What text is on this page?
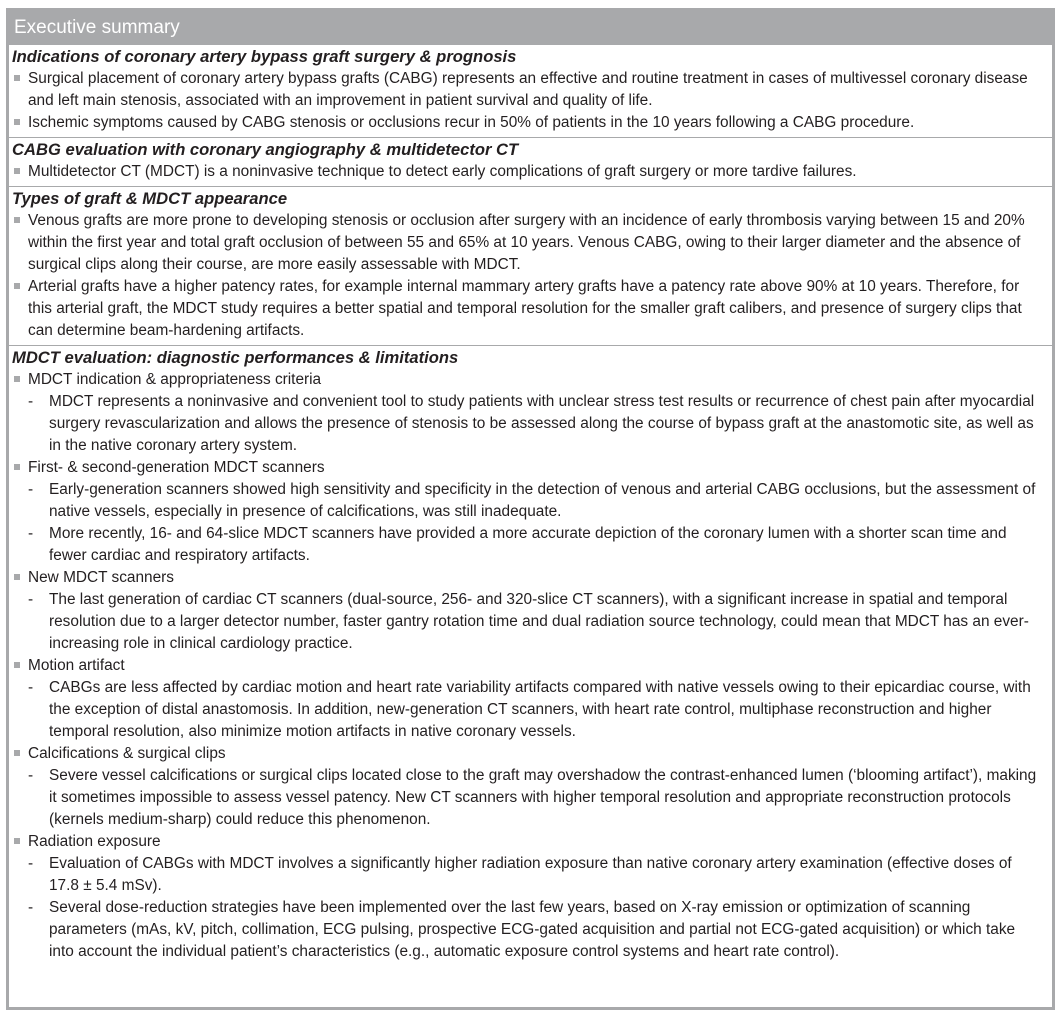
Executive summary
Indications of coronary artery bypass graft surgery & prognosis
Surgical placement of coronary artery bypass grafts (CABG) represents an effective and routine treatment in cases of multivessel coronary disease and left main stenosis, associated with an improvement in patient survival and quality of life.
Ischemic symptoms caused by CABG stenosis or occlusions recur in 50% of patients in the 10 years following a CABG procedure.
CABG evaluation with coronary angiography & multidetector CT
Multidetector CT (MDCT) is a noninvasive technique to detect early complications of graft surgery or more tardive failures.
Types of graft & MDCT appearance
Venous grafts are more prone to developing stenosis or occlusion after surgery with an incidence of early thrombosis varying between 15 and 20% within the first year and total graft occlusion of between 55 and 65% at 10 years. Venous CABG, owing to their larger diameter and the absence of surgical clips along their course, are more easily assessable with MDCT.
Arterial grafts have a higher patency rates, for example internal mammary artery grafts have a patency rate above 90% at 10 years. Therefore, for this arterial graft, the MDCT study requires a better spatial and temporal resolution for the smaller graft calibers, and presence of surgery clips that can determine beam-hardening artifacts.
MDCT evaluation: diagnostic performances & limitations
MDCT indication & appropriateness criteria
-	MDCT represents a noninvasive and convenient tool to study patients with unclear stress test results or recurrence of chest pain after myocardial surgery revascularization and allows the presence of stenosis to be assessed along the course of bypass graft at the anastomotic site, as well as in the native coronary artery system.
First- & second-generation MDCT scanners
-	Early-generation scanners showed high sensitivity and specificity in the detection of venous and arterial CABG occlusions, but the assessment of native vessels, especially in presence of calcifications, was still inadequate.
-	More recently, 16- and 64-slice MDCT scanners have provided a more accurate depiction of the coronary lumen with a shorter scan time and fewer cardiac and respiratory artifacts.
New MDCT scanners
-	The last generation of cardiac CT scanners (dual-source, 256- and 320-slice CT scanners), with a significant increase in spatial and temporal resolution due to a larger detector number, faster gantry rotation time and dual radiation source technology, could mean that MDCT has an ever-increasing role in clinical cardiology practice.
Motion artifact
-	CABGs are less affected by cardiac motion and heart rate variability artifacts compared with native vessels owing to their epicardiac course, with the exception of distal anastomosis. In addition, new-generation CT scanners, with heart rate control, multiphase reconstruction and higher temporal resolution, also minimize motion artifacts in native coronary vessels.
Calcifications & surgical clips
-	Severe vessel calcifications or surgical clips located close to the graft may overshadow the contrast-enhanced lumen (‘blooming artifact’), making it sometimes impossible to assess vessel patency. New CT scanners with higher temporal resolution and appropriate reconstruction protocols (kernels medium-sharp) could reduce this phenomenon.
Radiation exposure
-	Evaluation of CABGs with MDCT involves a significantly higher radiation exposure than native coronary artery examination (effective doses of 17.8 ± 5.4 mSv).
-	Several dose-reduction strategies have been implemented over the last few years, based on X-ray emission or optimization of scanning parameters (mAs, kV, pitch, collimation, ECG pulsing, prospective ECG-gated acquisition and partial not ECG-gated acquisition) or which take into account the individual patient’s characteristics (e.g., automatic exposure control systems and heart rate control).
